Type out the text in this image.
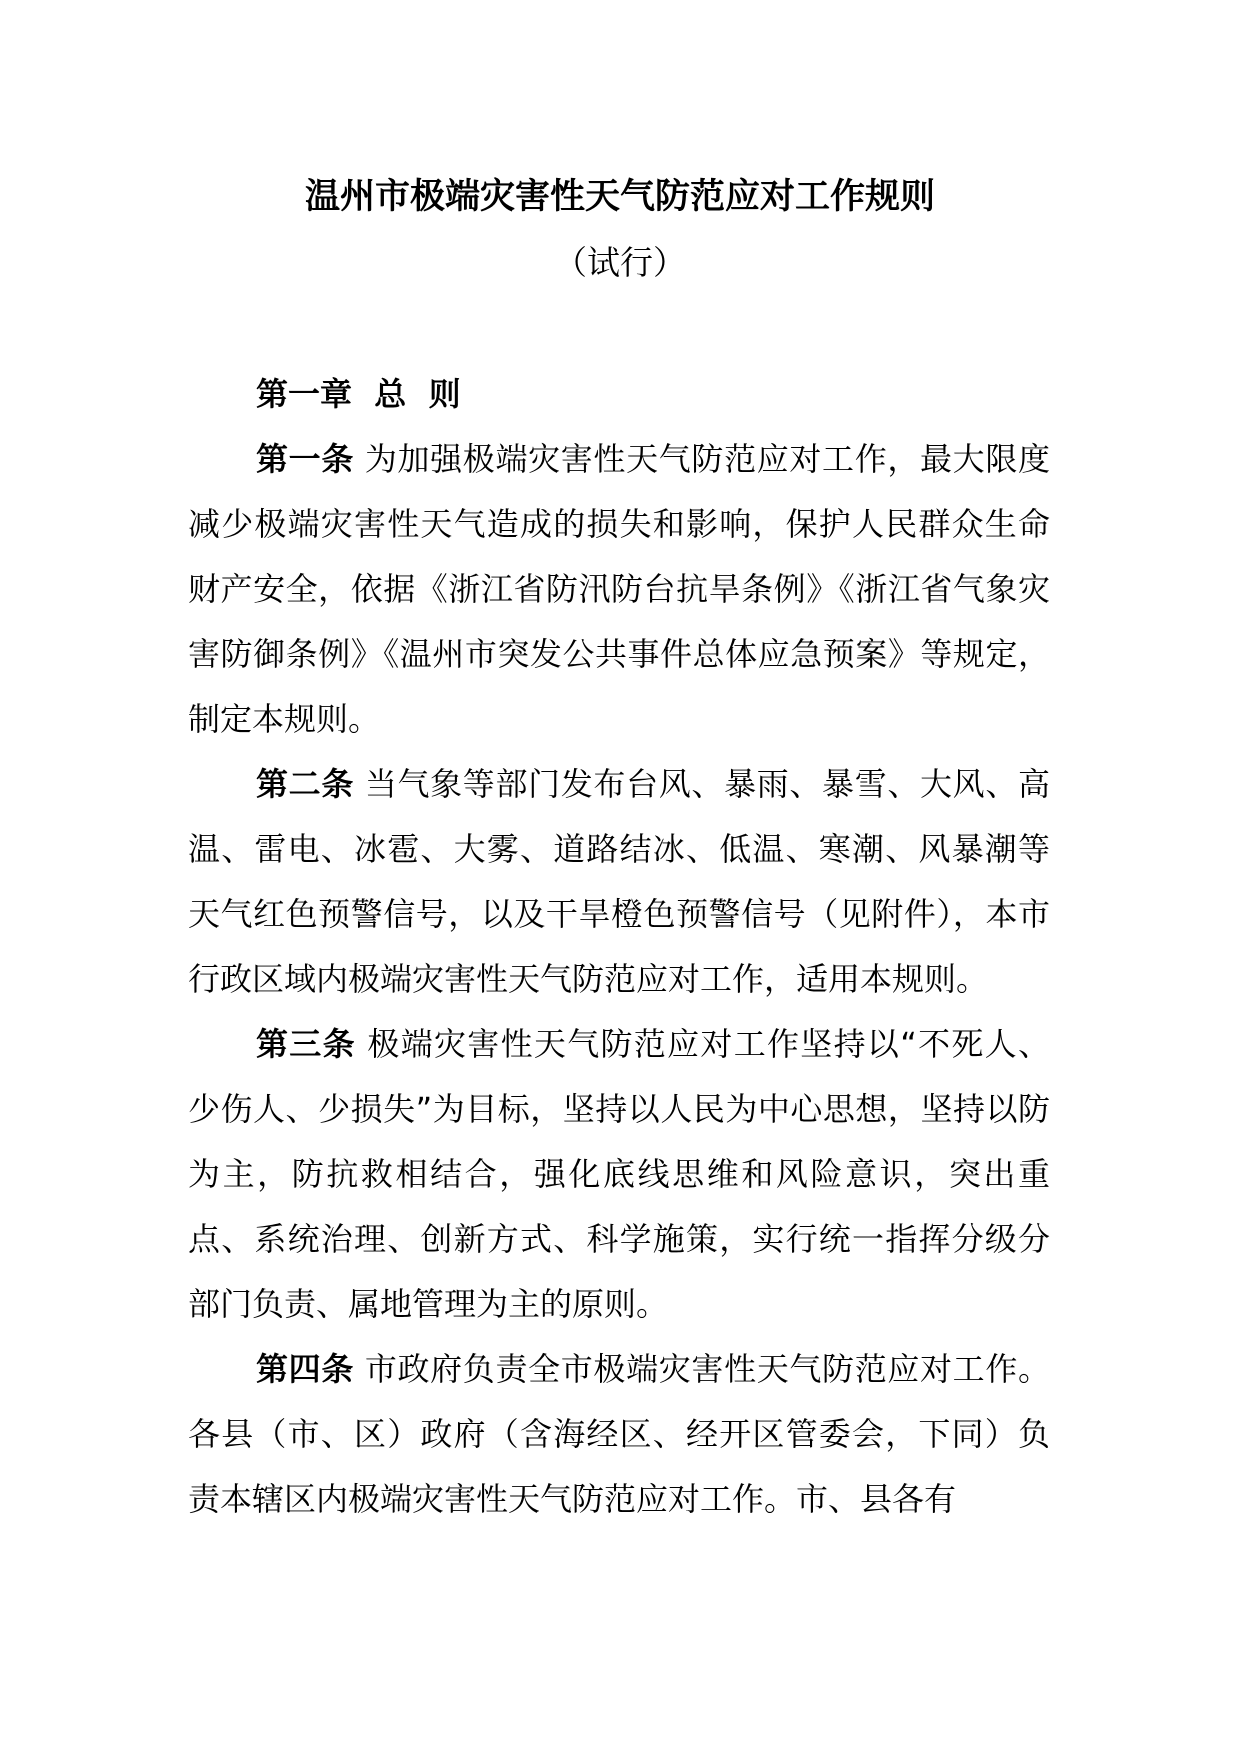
温州市极端灾害性天气防范应对工作规则
（试行）

第一章  总  则

第一条 为加强极端灾害性天气防范应对工作，最大限度减少极端灾害性天气造成的损失和影响，保护人民群众生命财产安全，依据《浙江省防汛防台抗旱条例》《浙江省气象灾害防御条例》《温州市突发公共事件总体应急预案》等规定，制定本规则。

第二条 当气象等部门发布台风、暴雨、暴雪、大风、高温、雷电、冰雹、大雾、道路结冰、低温、寒潮、风暴潮等天气红色预警信号，以及干旱橙色预警信号（见附件），本市行政区域内极端灾害性天气防范应对工作，适用本规则。

第三条 极端灾害性天气防范应对工作坚持以“不死人、少伤人、少损失”为目标，坚持以人民为中心思想，坚持以防为主，防抗救相结合，强化底线思维和风险意识，突出重点、系统治理、创新方式、科学施策，实行统一指挥分级分部门负责、属地管理为主的原则。

第四条 市政府负责全市极端灾害性天气防范应对工作。各县（市、区）政府（含海经区、经开区管委会，下同）负责本辖区内极端灾害性天气防范应对工作。市、县各有
